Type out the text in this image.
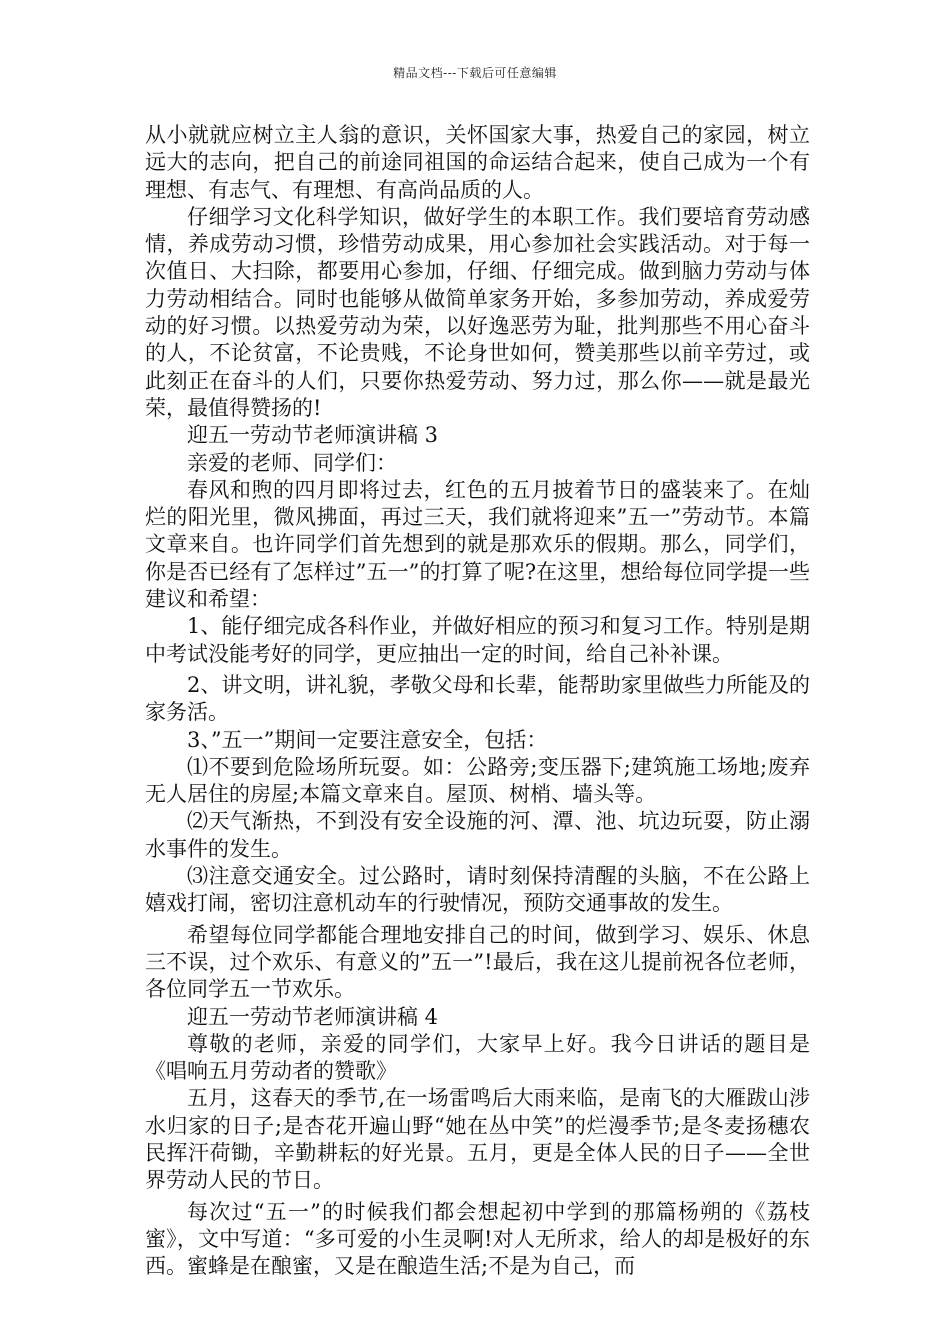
精品文档---下载后可任意编辑

从小就就应树立主人翁的意识，关怀国家大事，热爱自己的家园，树立远大的志向，把自己的前途同祖国的命运结合起来，使自己成为一个有理想、有志气、有理想、有高尚品质的人。

仔细学习文化科学知识，做好学生的本职工作。我们要培育劳动感情，养成劳动习惯，珍惜劳动成果，用心参加社会实践活动。对于每一次值日、大扫除，都要用心参加，仔细、仔细完成。做到脑力劳动与体力劳动相结合。同时也能够从做简单家务开始，多参加劳动，养成爱劳动的好习惯。以热爱劳动为荣，以好逸恶劳为耻，批判那些不用心奋斗的人，不论贫富，不论贵贱，不论身世如何，赞美那些以前辛劳过，或此刻正在奋斗的人们，只要你热爱劳动、努力过，那么你——就是最光荣，最值得赞扬的!

迎五一劳动节老师演讲稿 3

亲爱的老师、同学们：

春风和煦的四月即将过去，红色的五月披着节日的盛装来了。在灿烂的阳光里，微风拂面，再过三天，我们就将迎来”五一”劳动节。本篇文章来自。也许同学们首先想到的就是那欢乐的假期。那么，同学们，你是否已经有了怎样过”五一”的打算了呢?在这里，想给每位同学提一些建议和希望：

1、能仔细完成各科作业，并做好相应的预习和复习工作。特别是期中考试没能考好的同学，更应抽出一定的时间，给自己补补课。

2、讲文明，讲礼貌，孝敬父母和长辈，能帮助家里做些力所能及的家务活。

3、”五一”期间一定要注意安全，包括：

⑴不要到危险场所玩耍。如：公路旁;变压器下;建筑施工场地;废弃无人居住的房屋;本篇文章来自。屋顶、树梢、墙头等。

⑵天气渐热，不到没有安全设施的河、潭、池、坑边玩耍，防止溺水事件的发生。

⑶注意交通安全。过公路时，请时刻保持清醒的头脑，不在公路上嬉戏打闹，密切注意机动车的行驶情况，预防交通事故的发生。

希望每位同学都能合理地安排自己的时间，做到学习、娱乐、休息三不误，过个欢乐、有意义的”五一”!最后，我在这儿提前祝各位老师，各位同学五一节欢乐。

迎五一劳动节老师演讲稿 4

尊敬的老师，亲爱的同学们，大家早上好。我今日讲话的题目是《唱响五月劳动者的赞歌》

五月，这春天的季节,在一场雷鸣后大雨来临，是南飞的大雁跋山涉水归家的日子;是杏花开遍山野“她在丛中笑”的烂漫季节;是冬麦扬穗农民挥汗荷锄，辛勤耕耘的好光景。五月，更是全体人民的日子——全世界劳动人民的节日。

每次过“五一”的时候我们都会想起初中学到的那篇杨朔的《荔枝蜜》，文中写道：“多可爱的小生灵啊!对人无所求，给人的却是极好的东西。蜜蜂是在酿蜜，又是在酿造生活;不是为自己，而
